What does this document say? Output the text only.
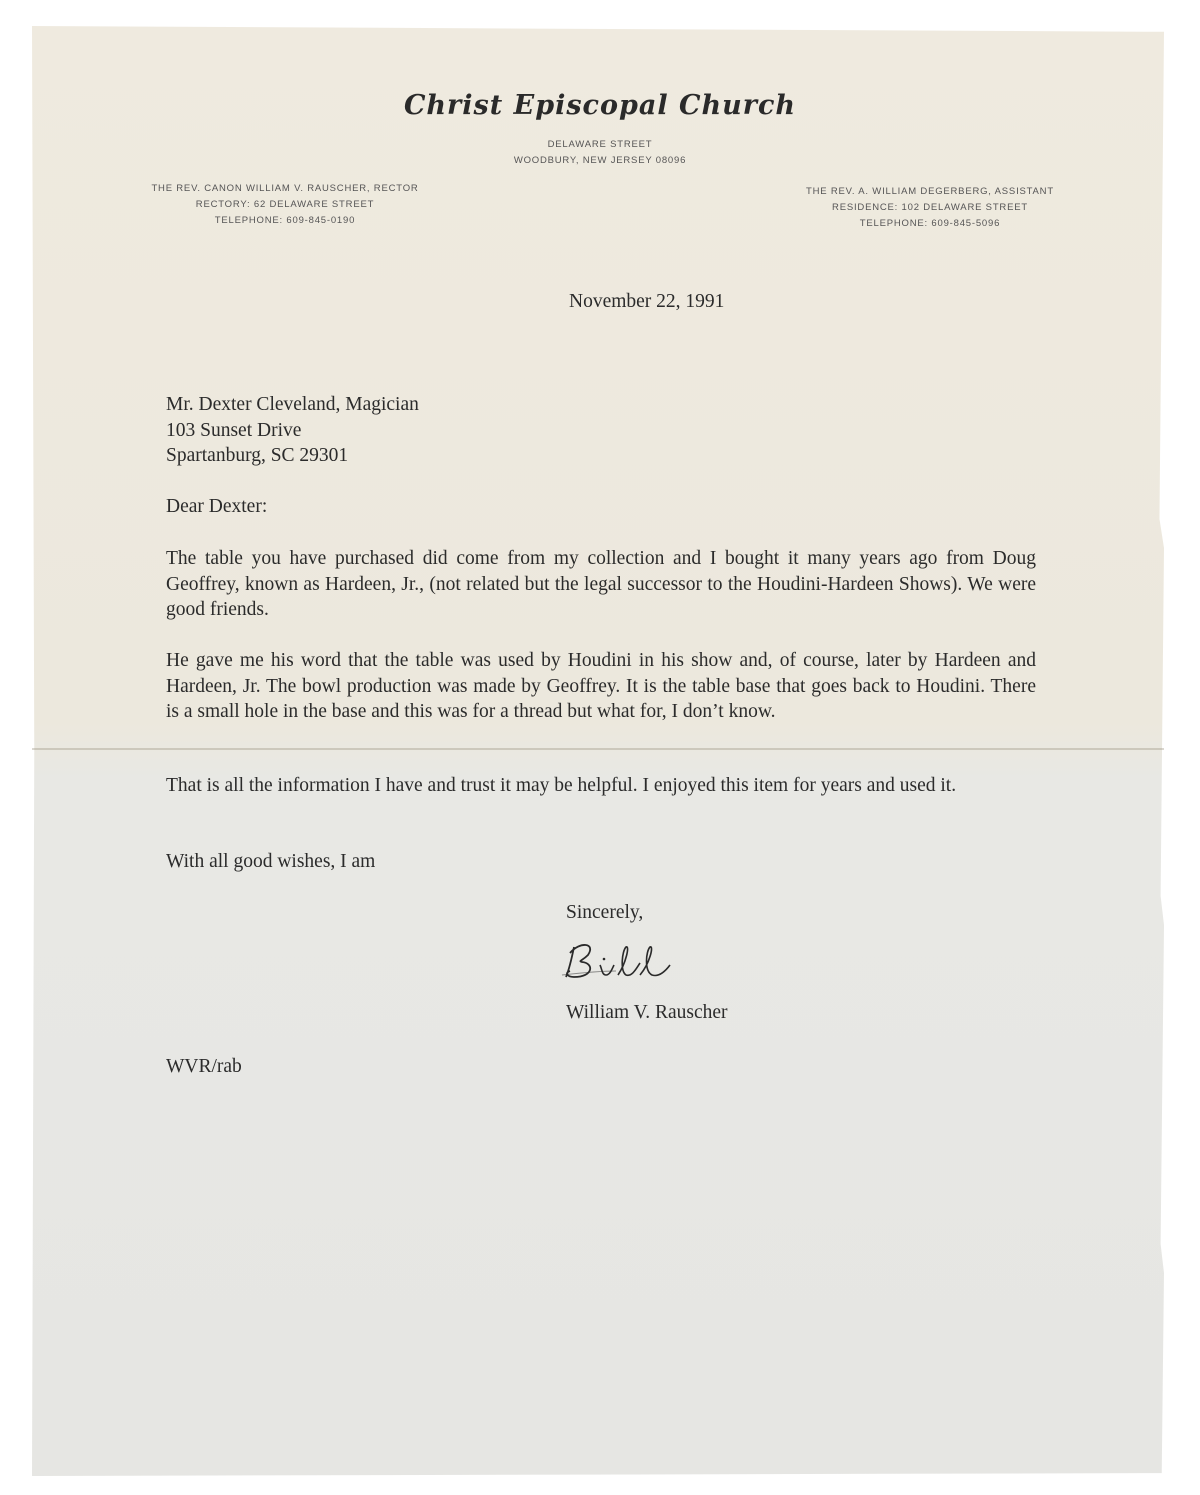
Christ Episcopal Church
DELAWARE STREET
WOODBURY, NEW JERSEY 08096
THE REV. CANON WILLIAM V. RAUSCHER, RECTOR
RECTORY: 62 DELAWARE STREET
TELEPHONE: 609-845-0190
THE REV. A. WILLIAM DEGERBERG, ASSISTANT
RESIDENCE: 102 DELAWARE STREET
TELEPHONE: 609-845-5096
November 22, 1991
Mr. Dexter Cleveland, Magician
103 Sunset Drive
Spartanburg, SC 29301
Dear Dexter:
The table you have purchased did come from my collection and I bought it many years ago from Doug Geoffrey, known as Hardeen, Jr., (not related but the legal successor to the Houdini-Hardeen Shows). We were good friends.
He gave me his word that the table was used by Houdini in his show and, of course, later by Hardeen and Hardeen, Jr. The bowl production was made by Geoffrey. It is the table base that goes back to Houdini. There is a small hole in the base and this was for a thread but what for, I don’t know.
That is all the information I have and trust it may be helpful. I enjoyed this item for years and used it.
With all good wishes, I am
Sincerely,
William V. Rauscher
WVR/rab
